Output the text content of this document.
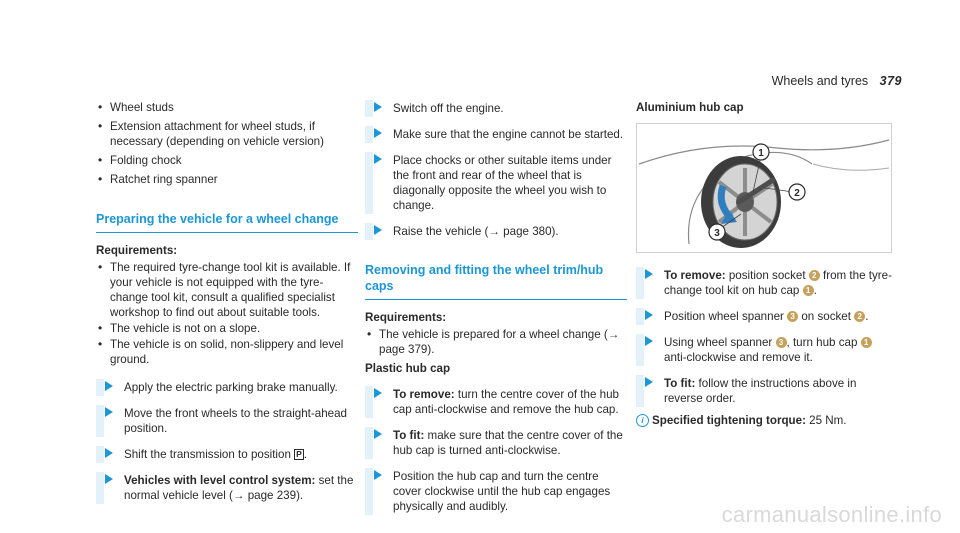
Wheels and tyres 379
• Wheel studs
• Extension attachment for wheel studs, if necessary (depending on vehicle version)
• Folding chock
• Ratchet ring spanner
Preparing the vehicle for a wheel change
Requirements:
• The required tyre-change tool kit is available. If your vehicle is not equipped with the tyre-change tool kit, consult a qualified specialist workshop to find out about suitable tools.
• The vehicle is not on a slope.
• The vehicle is on solid, non-slippery and level ground.
Apply the electric parking brake manually.
Move the front wheels to the straight-ahead position.
Shift the transmission to position P .
Vehicles with level control system: set the normal vehicle level (→ page 239).
Switch off the engine.
Make sure that the engine cannot be started.
Place chocks or other suitable items under the front and rear of the wheel that is diagonally opposite the wheel you wish to change.
Raise the vehicle (→ page 380).
Removing and fitting the wheel trim/hub caps
Requirements:
• The vehicle is prepared for a wheel change (→ page 379).
Plastic hub cap
To remove: turn the centre cover of the hub cap anti-clockwise and remove the hub cap.
To fit: make sure that the centre cover of the hub cap is turned anti-clockwise.
Position the hub cap and turn the centre cover clockwise until the hub cap engages physically and audibly.
Aluminium hub cap
1
2
3
To remove: position socket 2 from the tyre-change tool kit on hub cap 1 .
Position wheel spanner 3 on socket 2 .
Using wheel spanner 3 , turn hub cap 1 anti-clockwise and remove it.
To fit: follow the instructions above in reverse order.
i Specified tightening torque: 25 Nm.
carmanualsonline.info
